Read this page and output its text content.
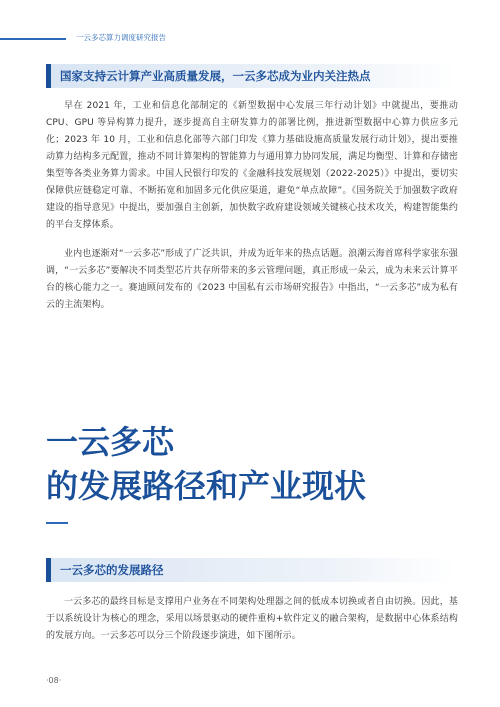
一云多芯算力调度研究报告
国家支持云计算产业高质量发展，一云多芯成为业内关注热点

早在 2021 年，工业和信息化部制定的《新型数据中心发展三年行动计划》中就提出，要推动 CPU、GPU 等异构算力提升，逐步提高自主研发算力的部署比例，推进新型数据中心算力供应多元化；2023 年 10 月，工业和信息化部等六部门印发《算力基础设施高质量发展行动计划》，提出要推动算力结构多元配置，推动不同计算架构的智能算力与通用算力协同发展，满足均衡型、计算和存储密集型等各类业务算力需求。中国人民银行印发的《金融科技发展规划（2022-2025）》中提出，要切实保障供应链稳定可靠、不断拓宽和加固多元化供应渠道，避免“单点故障”。《国务院关于加强数字政府建设的指导意见》中提出，要加强自主创新，加快数字政府建设领域关键核心技术攻关，构建智能集约的平台支撑体系。

业内也逐渐对“一云多芯”形成了广泛共识，并成为近年来的热点话题。浪潮云海首席科学家张东强调，“一云多芯”要解决不同类型芯片共存所带来的多云管理问题，真正形成一朵云，成为未来云计算平台的核心能力之一。赛迪顾问发布的《2023 中国私有云市场研究报告》中指出，“一云多芯”成为私有云的主流架构。

一云多芯
的发展路径和产业现状
一云多芯的发展路径

一云多芯的最终目标是支撑用户业务在不同架构处理器之间的低成本切换或者自由切换。因此，基于以系统设计为核心的理念，采用以场景驱动的硬件重构+软件定义的融合架构，是数据中心体系结构的发展方向。一云多芯可以分三个阶段逐步演进，如下图所示。

·08·
